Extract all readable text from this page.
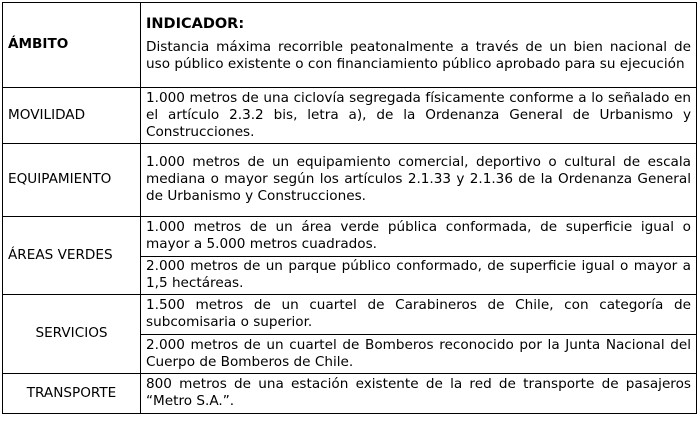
ÁMBITO	INDICADOR:
Distancia máxima recorrible peatonalmente a través de un bien nacional de uso público existente o con financiamiento público aprobado para su ejecución
MOVILIDAD	1.000 metros de una ciclovía segregada físicamente conforme a lo señalado en el artículo 2.3.2 bis, letra a), de la Ordenanza General de Urbanismo y Construcciones.
EQUIPAMIENTO	1.000 metros de un equipamiento comercial, deportivo o cultural de escala mediana o mayor según los artículos 2.1.33 y 2.1.36 de la Ordenanza General de Urbanismo y Construcciones.
ÁREAS VERDES	1.000 metros de un área verde pública conformada, de superficie igual o mayor a 5.000 metros cuadrados.
	2.000 metros de un parque público conformado, de superficie igual o mayor a 1,5 hectáreas.
SERVICIOS	1.500 metros de un cuartel de Carabineros de Chile, con categoría de subcomisaria o superior.
	2.000 metros de un cuartel de Bomberos reconocido por la Junta Nacional del Cuerpo de Bomberos de Chile.
TRANSPORTE	800 metros de una estación existente de la red de transporte de pasajeros “Metro S.A.”.
